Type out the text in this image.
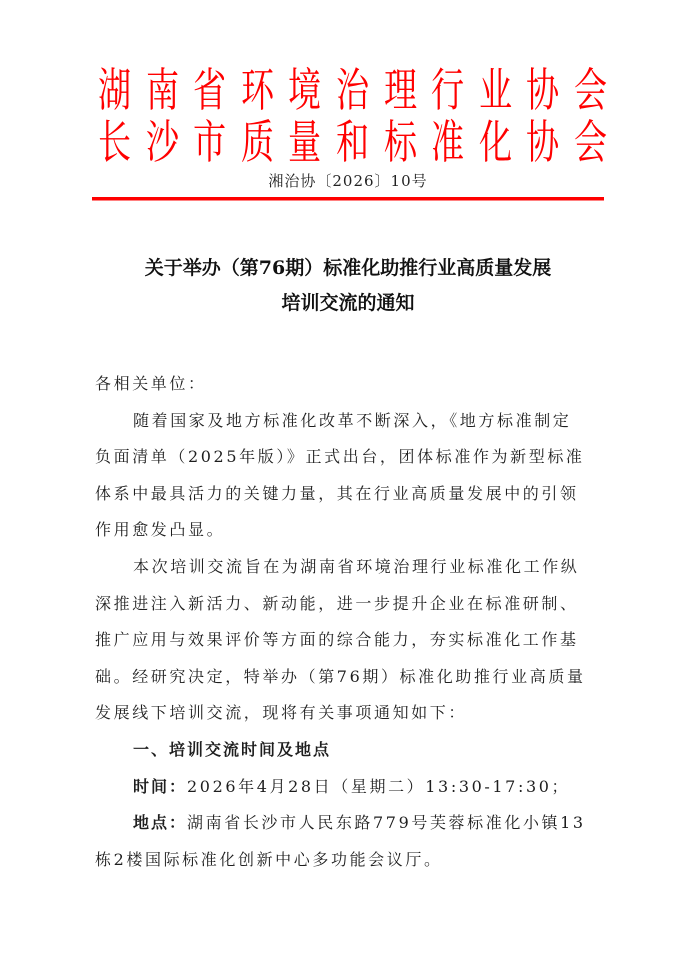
湖 南 省 环 境 治 理 行 业 协 会
长 沙 市 质 量 和 标 准 化 协 会
湘治协〔2026〕10号
关于举办（第76期）标准化助推行业高质量发展
培训交流的通知
各相关单位：
随着国家及地方标准化改革不断深入，《地方标准制定
负面清单（2025年版）》正式出台，团体标准作为新型标准
体系中最具活力的关键力量，其在行业高质量发展中的引领
作用愈发凸显。
本次培训交流旨在为湖南省环境治理行业标准化工作纵
深推进注入新活力、新动能，进一步提升企业在标准研制、
推广应用与效果评价等方面的综合能力，夯实标准化工作基
础。经研究决定，特举办（第76期）标准化助推行业高质量
发展线下培训交流，现将有关事项通知如下：
一、培训交流时间及地点
时间：2026年4月28日（星期二）13:30-17:30；
地点：湖南省长沙市人民东路779号芙蓉标准化小镇13
栋2楼国际标准化创新中心多功能会议厅。
